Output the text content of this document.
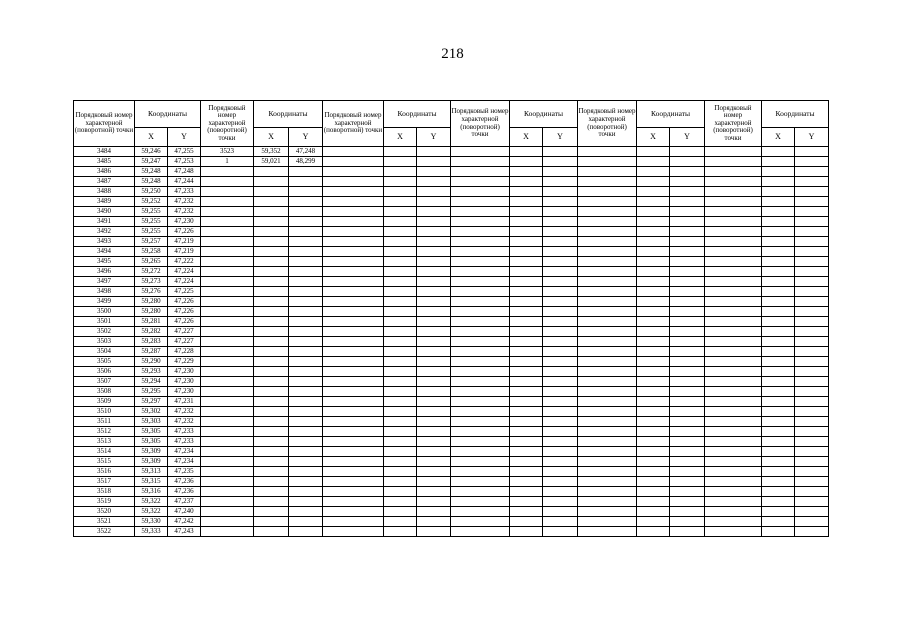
218
Порядковый номер характерной (поворотной) точки	Координаты		Порядковый номер характерной (поворотной) точки	Координаты		Порядковый номер характерной (поворотной) точки	Координаты		Порядковый номер характерной (поворотной) точки	Координаты		Порядковый номер характерной (поворотной) точки	Координаты		Порядковый номер характерной (поворотной) точки	Координаты	
	X	Y		X	Y		X	Y		X	Y		X	Y		X	Y
3484	59,246	47,255	3523	59,352	47,248												
3485	59,247	47,253	1	59,021	48,299												
3486	59,248	47,248															
3487	59,248	47,244															
3488	59,250	47,233															
3489	59,252	47,232															
3490	59,255	47,232															
3491	59,255	47,230															
3492	59,255	47,226															
3493	59,257	47,219															
3494	59,258	47,219															
3495	59,265	47,222															
3496	59,272	47,224															
3497	59,273	47,224															
3498	59,276	47,225															
3499	59,280	47,226															
3500	59,280	47,226															
3501	59,281	47,226															
3502	59,282	47,227															
3503	59,283	47,227															
3504	59,287	47,228															
3505	59,290	47,229															
3506	59,293	47,230															
3507	59,294	47,230															
3508	59,295	47,230															
3509	59,297	47,231															
3510	59,302	47,232															
3511	59,303	47,232															
3512	59,305	47,233															
3513	59,305	47,233															
3514	59,309	47,234															
3515	59,309	47,234															
3516	59,313	47,235															
3517	59,315	47,236															
3518	59,316	47,236															
3519	59,322	47,237															
3520	59,322	47,240															
3521	59,330	47,242															
3522	59,333	47,243															
